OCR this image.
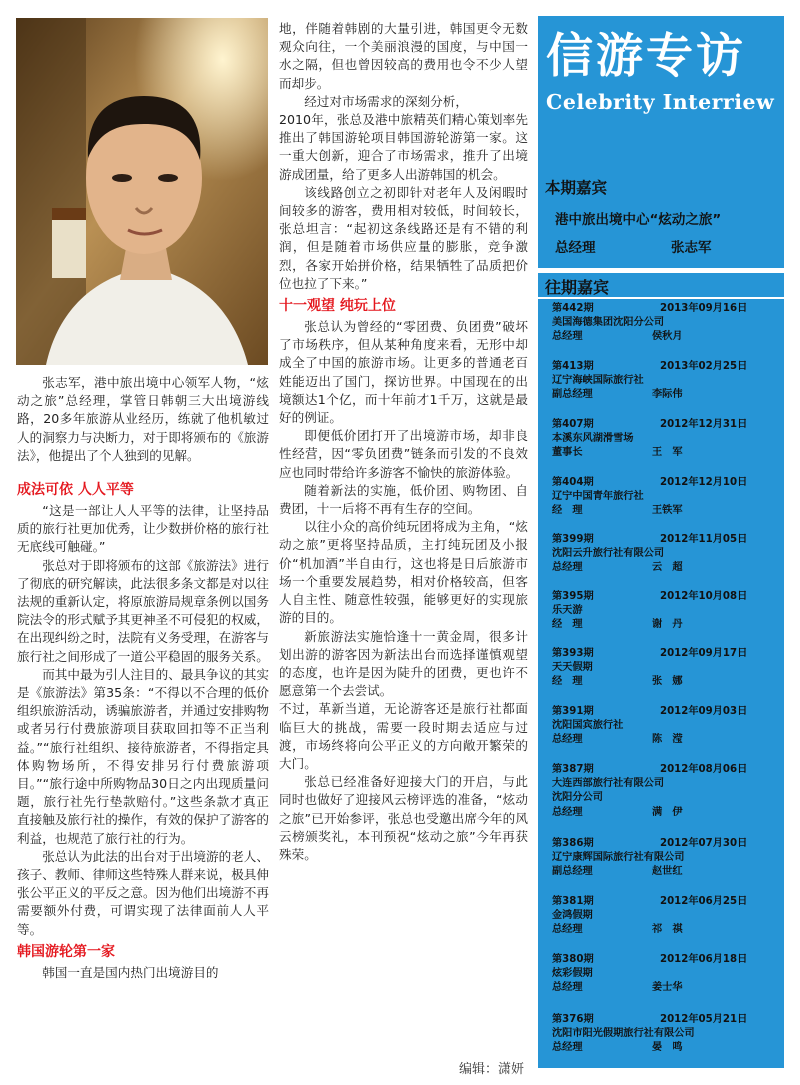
张志军，港中旅出境中心领军人物，“炫动之旅”总经理，掌管日韩朝三大出境游线路，20多年旅游从业经历，练就了他机敏过人的洞察力与决断力，对于即将颁布的《旅游法》，他提出了个人独到的见解。

成法可依 人人平等

“这是一部让人人平等的法律，让坚持品质的旅行社更加优秀，让少数拼价格的旅行社无底线可触碰。”

张总对于即将颁布的这部《旅游法》进行了彻底的研究解读，此法很多条文都是对以往法规的重新认定，将原旅游局规章条例以国务院法令的形式赋予其更神圣不可侵犯的权威，在出现纠纷之时，法院有义务受理，在游客与旅行社之间形成了一道公平稳固的服务关系。

而其中最为引人注目的、最具争议的其实是《旅游法》第35条：“不得以不合理的低价组织旅游活动，诱骗旅游者，并通过安排购物或者另行付费旅游项目获取回扣等不正当利益。”“旅行社组织、接待旅游者，不得指定具体购物场所，不得安排另行付费旅游项目。”“旅行途中所购物品30日之内出现质量问题，旅行社先行垫款赔付。”这些条款才真正直接触及旅行社的操作，有效的保护了游客的利益，也规范了旅行社的行为。

张总认为此法的出台对于出境游的老人、孩子、教师、律师这些特殊人群来说，极具伸张公平正义的平反之意。因为他们出境游不再需要额外付费，可谓实现了法律面前人人平等。

韩国游轮第一家

韩国一直是国内热门出境游目的

地，伴随着韩剧的大量引进，韩国更令无数观众向往，一个美丽浪漫的国度，与中国一水之隔，但也曾因较高的费用也令不少人望而却步。

经过对市场需求的深刻分析，

2010年，张总及港中旅精英们精心策划率先推出了韩国游轮项目韩国游轮游第一家。这一重大创新，迎合了市场需求，推升了出境游成团量，给了更多人出游韩国的机会。

该线路创立之初即针对老年人及闲暇时间较多的游客，费用相对较低，时间较长，张总坦言：“起初这条线路还是有不错的利润，但是随着市场供应量的膨胀，竞争激烈，各家开始拼价格，结果牺牲了品质把价位也拉了下来。”

十一观望 纯玩上位

张总认为曾经的“零团费、负团费”破坏了市场秩序，但从某种角度来看，无形中却成全了中国的旅游市场。让更多的普通老百姓能迈出了国门，探访世界。中国现在的出境额达1个亿，而十年前才1千万，这就是最好的例证。

即便低价团打开了出境游市场，却非良性经营，因“零负团费”链条而引发的不良效应也同时带给许多游客不愉快的旅游体验。

随着新法的实施，低价团、购物团、自费团，十一后将不再有生存的空间。

以往小众的高价纯玩团将成为主角，“炫动之旅”更将坚持品质，主打纯玩团及小报价“机加酒”半自由行，这也将是日后旅游市场一个重要发展趋势，相对价格较高，但客人自主性、随意性较强，能够更好的实现旅游的目的。

新旅游法实施恰逢十一黄金周，很多计划出游的游客因为新法出台而选择谨慎观望的态度，也许是因为陡升的团费，更也许不愿意第一个去尝试。

不过，革新当道，无论游客还是旅行社都面临巨大的挑战，需要一段时期去适应与过渡，市场终将向公平正义的方向敞开繁荣的大门。

张总已经准备好迎接大门的开启，与此同时也做好了迎接风云榜评选的准备，“炫动之旅”已开始参评，张总也受邀出席今年的风云榜颁奖礼，本刊预祝“炫动之旅”今年再获殊荣。

编辑：潇妍
信游专访
Celebrity Interriew
本期嘉宾
港中旅出境中心“炫动之旅”
总经理	张志军
往期嘉宾
第442期	2013年09月16日
美国海德集团沈阳分公司
总经理	侯秋月
第413期	2013年02月25日
辽宁海峡国际旅行社
副总经理	李际伟
第407期	2012年12月31日
本溪东风湖滑雪场
董事长	王　军
第404期	2012年12月10日
辽宁中国青年旅行社
经　理	王铁军
第399期	2012年11月05日
沈阳云升旅行社有限公司
总经理	云　超
第395期	2012年10月08日
乐天游
经　理	谢　丹
第393期	2012年09月17日
天天假期
经　理	张　娜
第391期	2012年09月03日
沈阳国宾旅行社
总经理	陈　滢
第387期	2012年08月06日
大连西部旅行社有限公司
沈阳分公司
总经理	满　伊
第386期	2012年07月30日
辽宁康辉国际旅行社有限公司
副总经理	赵世红
第381期	2012年06月25日
金鸿假期
总经理	祁　祺
第380期	2012年06月18日
炫彩假期
总经理	姜士华
第376期	2012年05月21日
沈阳市阳光假期旅行社有限公司
总经理	晏　鸣
